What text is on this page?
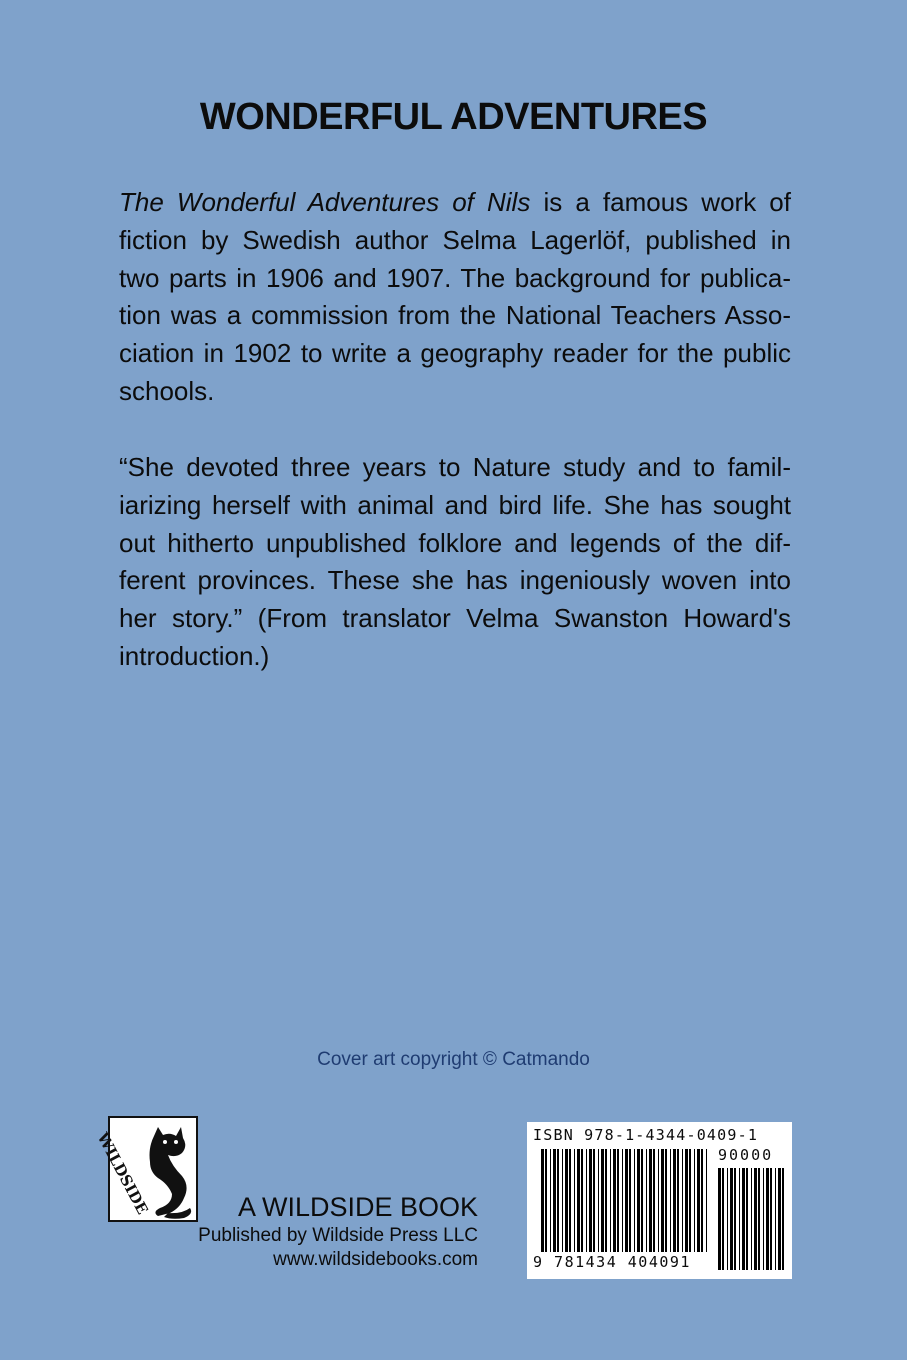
WONDERFUL ADVENTURES
The Wonderful Adventures of Nils is a famous work of
fiction by Swedish author Selma Lagerlöf, published in
two parts in 1906 and 1907. The background for publica-
tion was a commission from the National Teachers Asso-
ciation in 1902 to write a geography reader for the public
schools.
“She devoted three years to Nature study and to famil-
iarizing herself with animal and bird life. She has sought
out hitherto unpublished folklore and legends of the dif-
ferent provinces. These she has ingeniously woven into
her story.” (From translator Velma Swanston Howard's
introduction.)
Cover art copyright © Catmando
WILDSIDE	A WILDSIDE BOOK
Published by Wildside Press LLC
www.wildsidebooks.com
ISBN 978-1-4344-0409-1
90000
9 781434 404091
